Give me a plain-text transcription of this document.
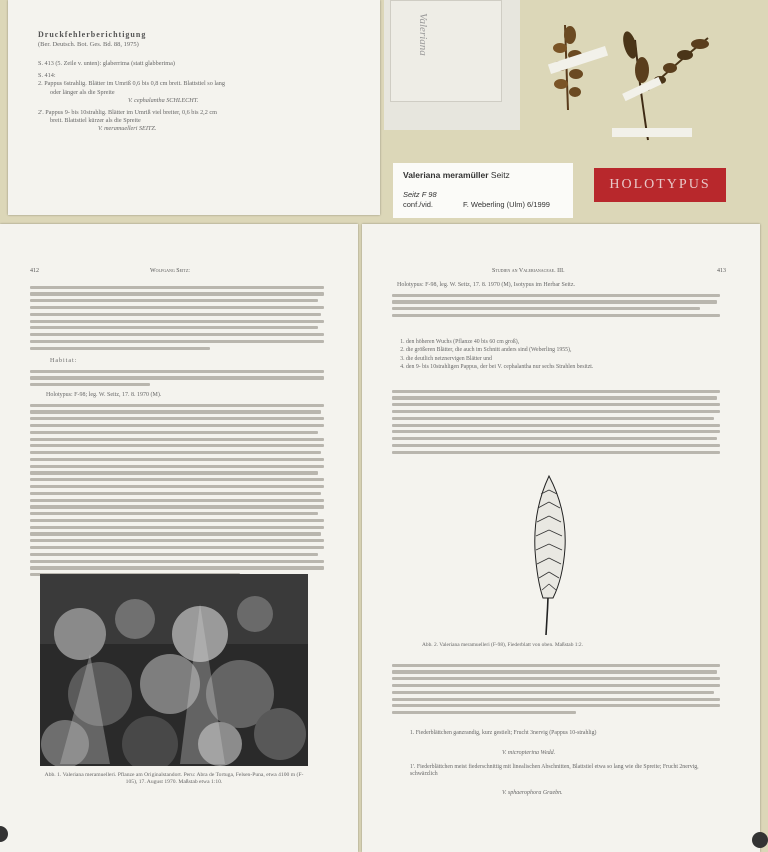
Druckfehlerberichtigung
(Ber. Deutsch. Bot. Ges. Bd. 88, 1975)

S. 413 (5. Zeile v. unten): glaberrima (statt glabberima)

S. 414:

2. Pappus 6strahlig. Blätter im Umriß 0,6 bis 0,8 cm breit. Blattstiel so lang

oder länger als die Spreite

V. cephalantha SCHLECHT.

2'. Pappus 9- bis 10strahlig. Blätter im Umriß viel breiter, 0,6 bis 2,2 cm

breit. Blattstiel kürzer als die Spreite

V. meramuelleri SEITZ.

Valeriana
Valeriana meramüller Seitz
Seitz F 98
conf./vid.	F. Weberling (Ulm) 6/1999
HOLOTYPUS
412	Wolfgang Seitz:
Habitat:
Holotypus: F-98; leg. W. Seitz, 17. 8. 1970 (M).
Abb. 1. Valeriana meramuelleri. Pflanze am Originalstandort. Peru: Abra de Tortuga, Felsen-Puna, etwa 4100 m (F-105), 17. August 1970. Maßstab etwa 1:10.
Studien an Valerianaceae. III.	413
Holotypus: F-98, leg. W. Seitz, 17. 8. 1970 (M), Isotypus im Herbar Seitz.
1. den höheren Wuchs (Pflanze 40 bis 60 cm groß),
2. die größeren Blätter, die auch im Schnitt anders sind (Weberling 1955),
3. die deutlich netznervigen Blätter und
4. den 9- bis 10strahligen Pappus, der bei V. cephalantha nur sechs Strahlen besitzt.
Abb. 2. Valeriana meramuelleri (F-98), Fiederblatt von oben. Maßstab 1:2.
1. Fiederblättchen ganzrandig, kurz gestielt; Frucht 3nervig (Pappus 10-strahlig)
V. micropterina Wedd.
1'. Fiederblättchen meist fiederschnittig mit linealischen Abschnitten, Blattstiel etwa so lang wie die Spreite; Frucht 2nervig, schwärzlich
V. sphaerophora Graebn.
